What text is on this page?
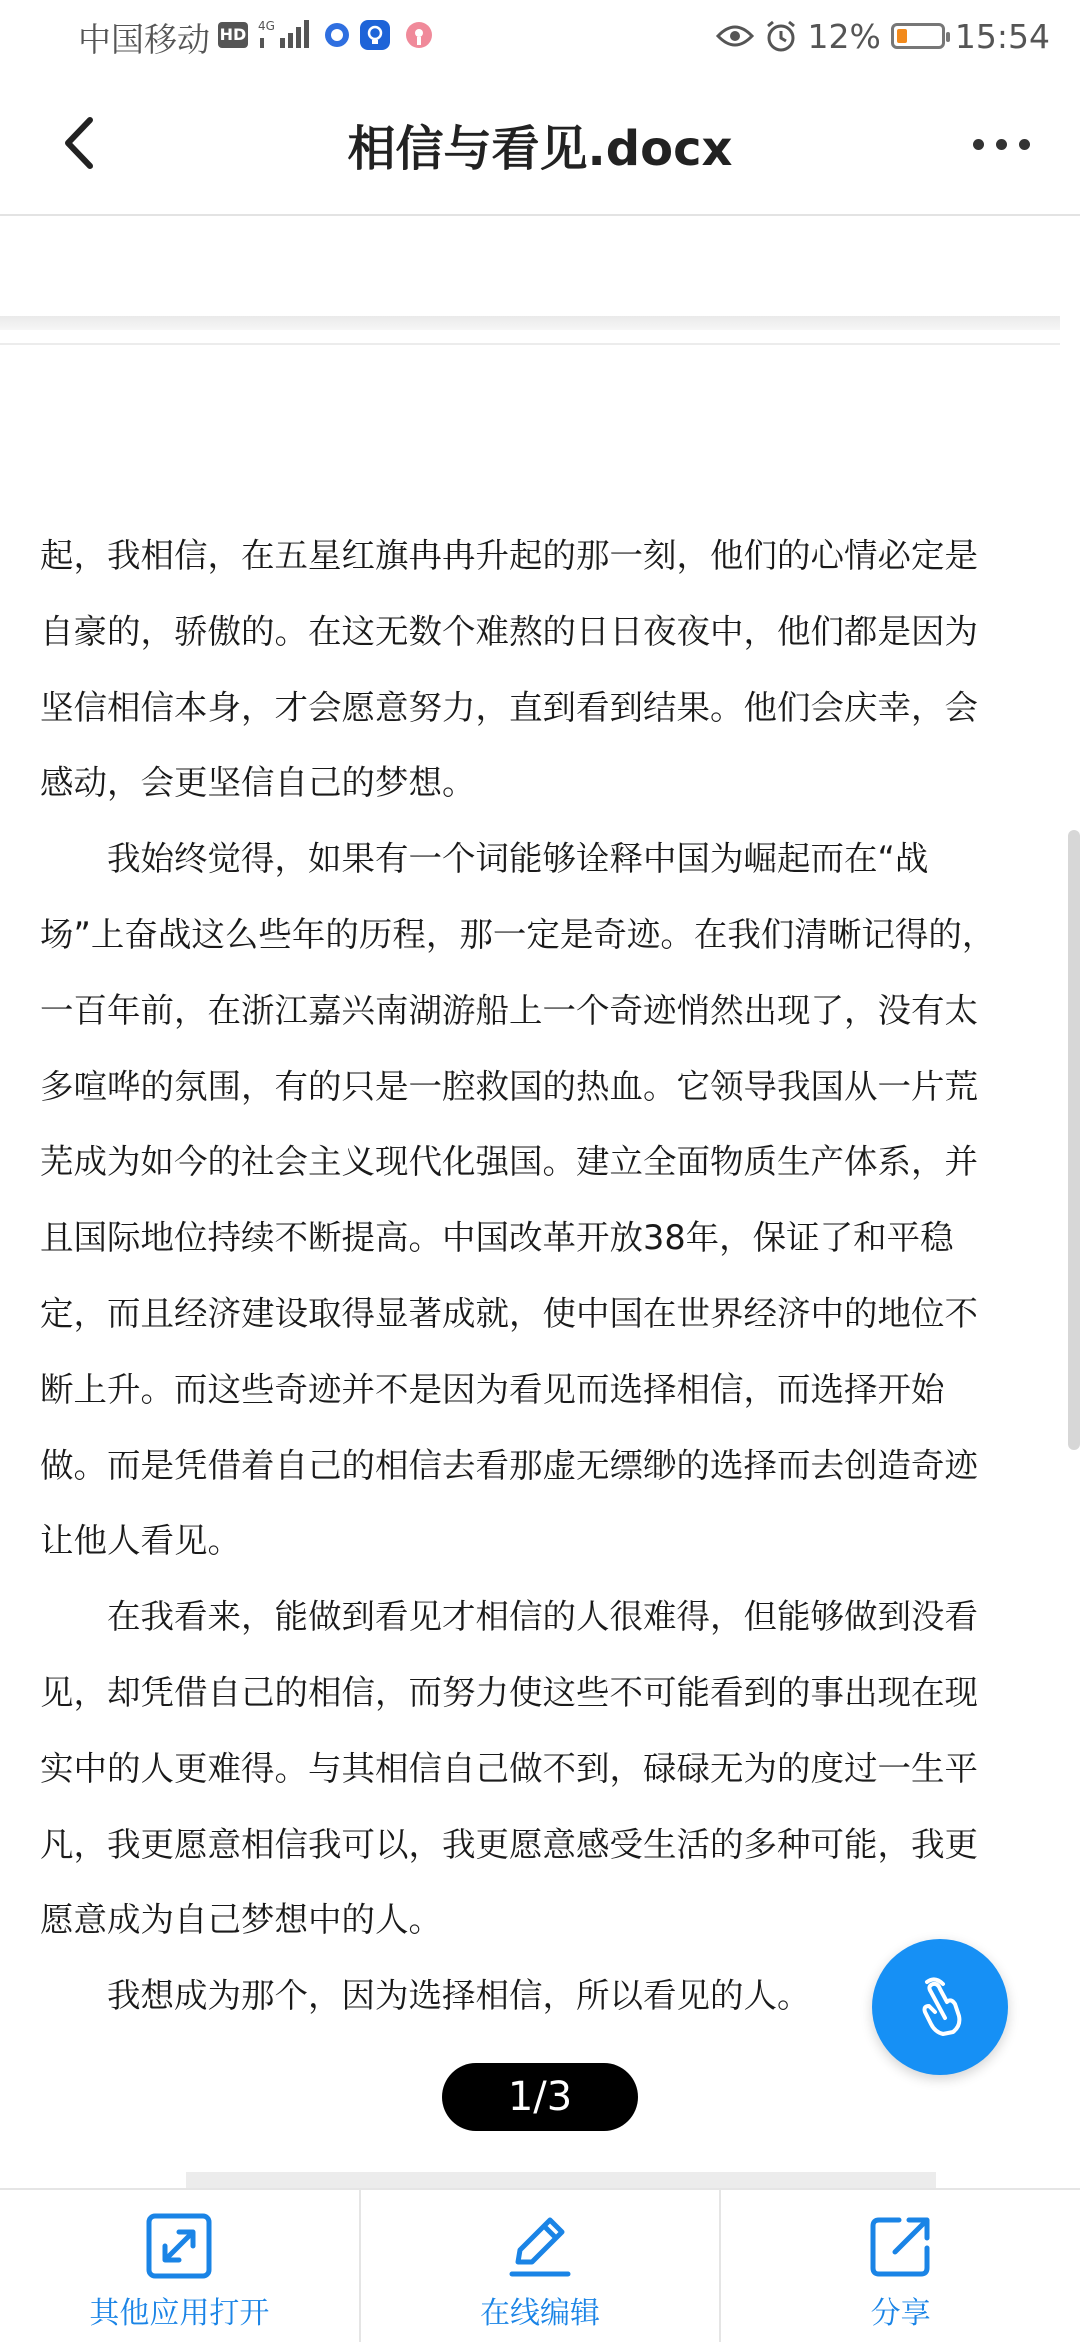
中国移动 HD 4G	12% 15:54
相信与看见.docx

起，我相信，在五星红旗冉冉升起的那一刻，他们的心情必定是自豪的，骄傲的。在这无数个难熬的日日夜夜中，他们都是因为坚信相信本身，才会愿意努力，直到看到结果。他们会庆幸，会感动，会更坚信自己的梦想。

我始终觉得，如果有一个词能够诠释中国为崛起而在“战场”上奋战这么些年的历程，那一定是奇迹。在我们清晰记得的，一百年前，在浙江嘉兴南湖游船上一个奇迹悄然出现了，没有太多喧哗的氛围，有的只是一腔救国的热血。它领导我国从一片荒芜成为如今的社会主义现代化强国。建立全面物质生产体系，并且国际地位持续不断提高。中国改革开放38年，保证了和平稳定，而且经济建设取得显著成就，使中国在世界经济中的地位不断上升。而这些奇迹并不是因为看见而选择相信，而选择开始做。而是凭借着自己的相信去看那虚无缥缈的选择而去创造奇迹让他人看见。

在我看来，能做到看见才相信的人很难得，但能够做到没看见，却凭借自己的相信，而努力使这些不可能看到的事出现在现实中的人更难得。与其相信自己做不到，碌碌无为的度过一生平凡，我更愿意相信我可以，我更愿意感受生活的多种可能，我更愿意成为自己梦想中的人。

我想成为那个，因为选择相信，所以看见的人。

1/3
其他应用打开	在线编辑	分享
